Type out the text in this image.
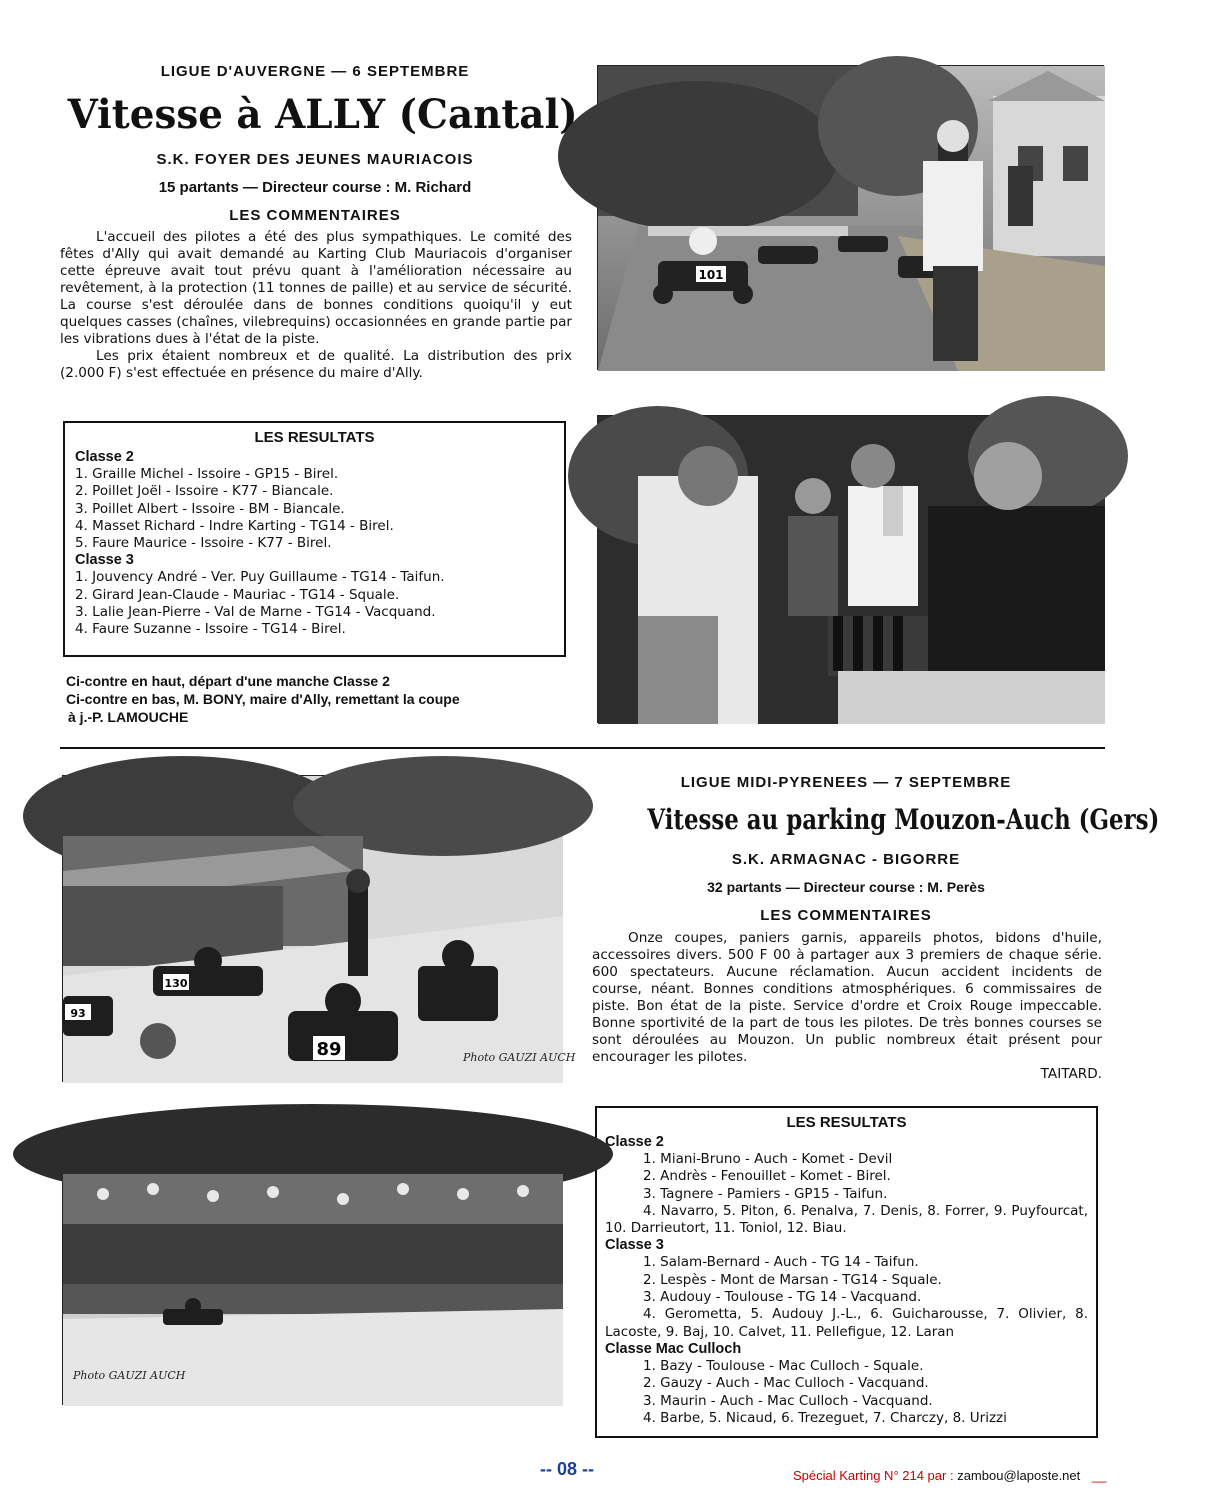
LIGUE D'AUVERGNE — 6 SEPTEMBRE
Vitesse à ALLY (Cantal)
S.K. FOYER DES JEUNES MAURIACOIS
15 partants — Directeur course : M. Richard
LES COMMENTAIRES

L'accueil des pilotes a été des plus sympathiques. Le comité des fêtes d'Ally qui avait demandé au Karting Club Mauriacois d'organiser cette épreuve avait tout prévu quant à l'amélioration nécessaire au revêtement, à la protection (11 tonnes de paille) et au service de sécurité. La course s'est déroulée dans de bonnes conditions quoiqu'il y eut quelques casses (chaînes, vilebrequins) occasionnées en grande partie par les vibrations dues à l'état de la piste.

Les prix étaient nombreux et de qualité. La distribution des prix (2.000 F) s'est effectuée en présence du maire d'Ally.

LES RESULTATS
Classe 2
1. Graille Michel - Issoire - GP15 - Birel.
2. Poillet Joël - Issoire - K77 - Biancale.
3. Poillet Albert - Issoire - BM - Biancale.
4. Masset Richard - Indre Karting - TG14 - Birel.
5. Faure Maurice - Issoire - K77 - Birel.
Classe 3
1. Jouvency André - Ver. Puy Guillaume - TG14 - Taifun.
2. Girard Jean-Claude - Mauriac - TG14 - Squale.
3. Lalie Jean-Pierre - Val de Marne - TG14 - Vacquand.
4. Faure Suzanne - Issoire - TG14 - Birel.
Ci-contre en haut, départ d'une manche Classe 2
Ci-contre en bas, M. BONY, maire d'Ally, remettant la coupe
à j.-P. LAMOUCHE
101
LIGUE MIDI-PYRENEES — 7 SEPTEMBRE
Vitesse au parking Mouzon-Auch (Gers)
S.K. ARMAGNAC - BIGORRE
32 partants — Directeur course : M. Perès
LES COMMENTAIRES

Onze coupes, paniers garnis, appareils photos, bidons d'huile, accessoires divers. 500 F 00 à partager aux 3 premiers de chaque série. 600 spectateurs. Aucune réclamation. Aucun accident incidents de course, néant. Bonnes conditions atmosphériques. 6 commissaires de piste. Bon état de la piste. Service d'ordre et Croix Rouge impeccable. Bonne sportivité de la part de tous les pilotes. De très bonnes courses se sont déroulées au Mouzon. Un public nombreux était présent pour encourager les pilotes.

TAITARD.
LES RESULTATS
Classe 2
1. Miani-Bruno - Auch - Komet - Devil
2. Andrès - Fenouillet - Komet - Birel.
3. Tagnere - Pamiers - GP15 - Taifun.
4. Navarro, 5. Piton, 6. Penalva, 7. Denis, 8. Forrer, 9. Puyfourcat, 10. Darrieutort, 11. Toniol, 12. Biau.
Classe 3
1. Salam-Bernard - Auch - TG 14 - Taifun.
2. Lespès - Mont de Marsan - TG14 - Squale.
3. Audouy - Toulouse - TG 14 - Vacquand.
4. Gerometta, 5. Audouy J.-L., 6. Guicharousse, 7. Olivier, 8. Lacoste, 9. Baj, 10. Calvet, 11. Pellefigue, 12. Laran
Classe Mac Culloch
1. Bazy - Toulouse - Mac Culloch - Squale.
2. Gauzy - Auch - Mac Culloch - Vacquand.
3. Maurin - Auch - Mac Culloch - Vacquand.
4. Barbe, 5. Nicaud, 6. Trezeguet, 7. Charczy, 8. Urizzi
130
89
93
Photo GAUZI AUCH
Photo GAUZI AUCH
-- 08 --	Spécial Karting N° 214 par : zambou@laposte.net __
